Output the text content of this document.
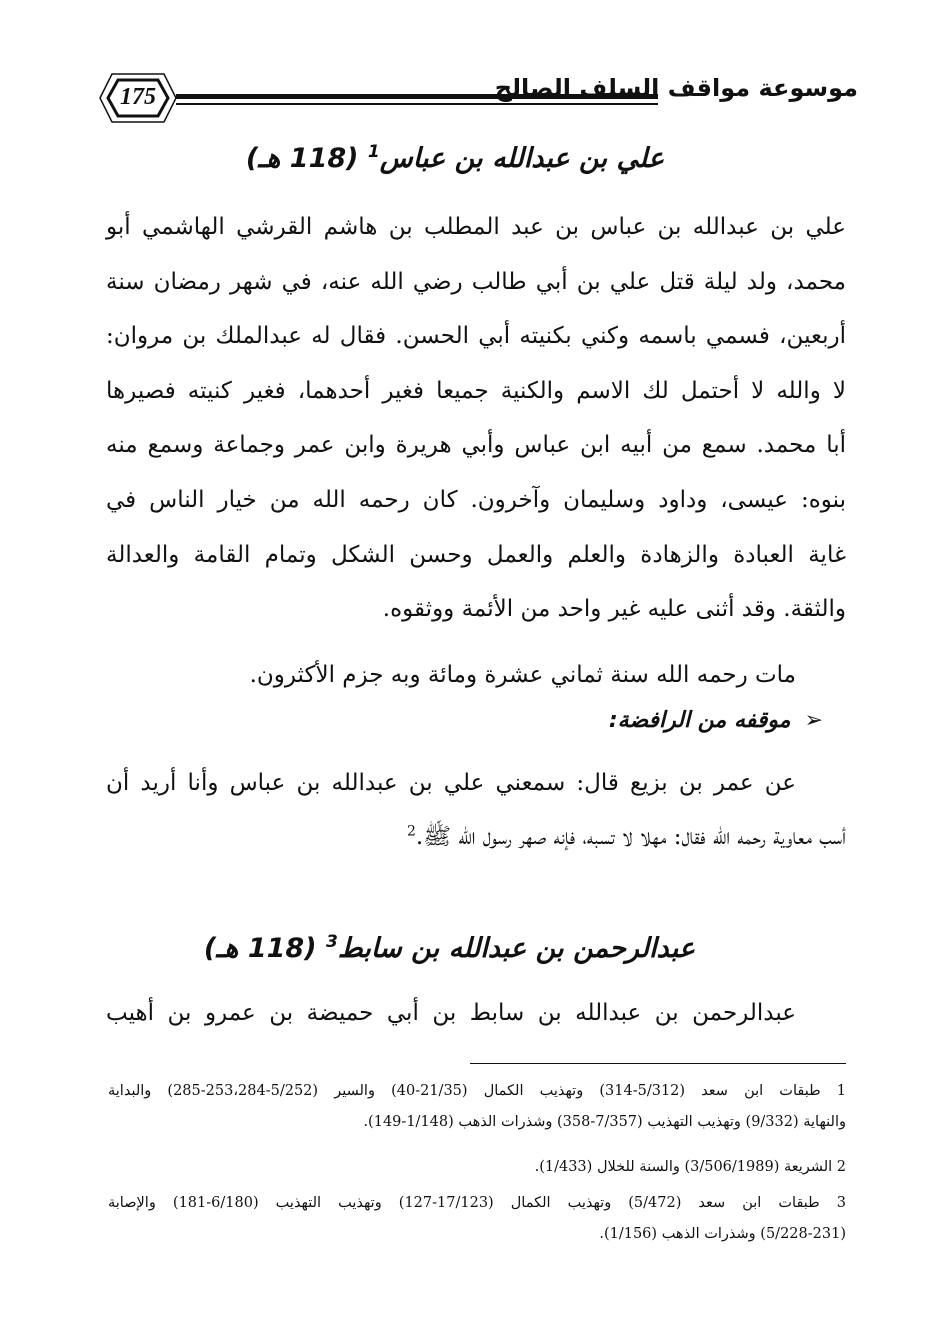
175	موسوعة مواقف السلف الصالح
علي بن عبدالله بن عباس$^1$ (118 هـ)
علي بن عبدالله بن عباس بن عبد المطلب بن هاشم القرشي الهاشمي أبو
محمد، ولد ليلة قتل علي بن أبي طالب رضي الله عنه، في شهر رمضان سنة
أربعين، فسمي باسمه وكني بكنيته أبي الحسن. فقال له عبدالملك بن مروان:
لا والله لا أحتمل لك الاسم والكنية جميعا فغير أحدهما، فغير كنيته فصيرها
أبا محمد. سمع من أبيه ابن عباس وأبي هريرة وابن عمر وجماعة وسمع منه
بنوه: عيسى، وداود وسليمان وآخرون. كان رحمه الله من خيار الناس في
غاية العبادة والزهادة والعلم والعمل وحسن الشكل وتمام القامة والعدالة
والثقة. وقد أثنى عليه غير واحد من الأئمة ووثقوه.
مات رحمه الله سنة ثماني عشرة ومائة وبه جزم الأكثرون.
➢موقفه من الرافضة:
عن عمر بن بزيع قال: سمعني علي بن عبدالله بن عباس وأنا أريد أن
أسب معاوية رحمه الله فقال: مهلا لا تسبه، فإنه صهر رسول الله ﷺ.$^2$
عبدالرحمن بن عبدالله بن سابط$^3$ (118 هـ)
عبدالرحمن بن عبدالله بن سابط بن أبي حميضة بن عمرو بن أهيب
1 طبقات ابن سعد (5/312-314) وتهذيب الكمال (21/35-40) والسير (5/252-253،284-285) والبداية
والنهاية (9/332) وتهذيب التهذيب (7/357-358) وشذرات الذهب (1/148-149).
2 الشريعة (3/506/1989) والسنة للخلال (1/433).
3 طبقات ابن سعد (5/472) وتهذيب الكمال (17/123-127) وتهذيب التهذيب (6/180-181) والإصابة
(5/228-231) وشذرات الذهب (1/156).
